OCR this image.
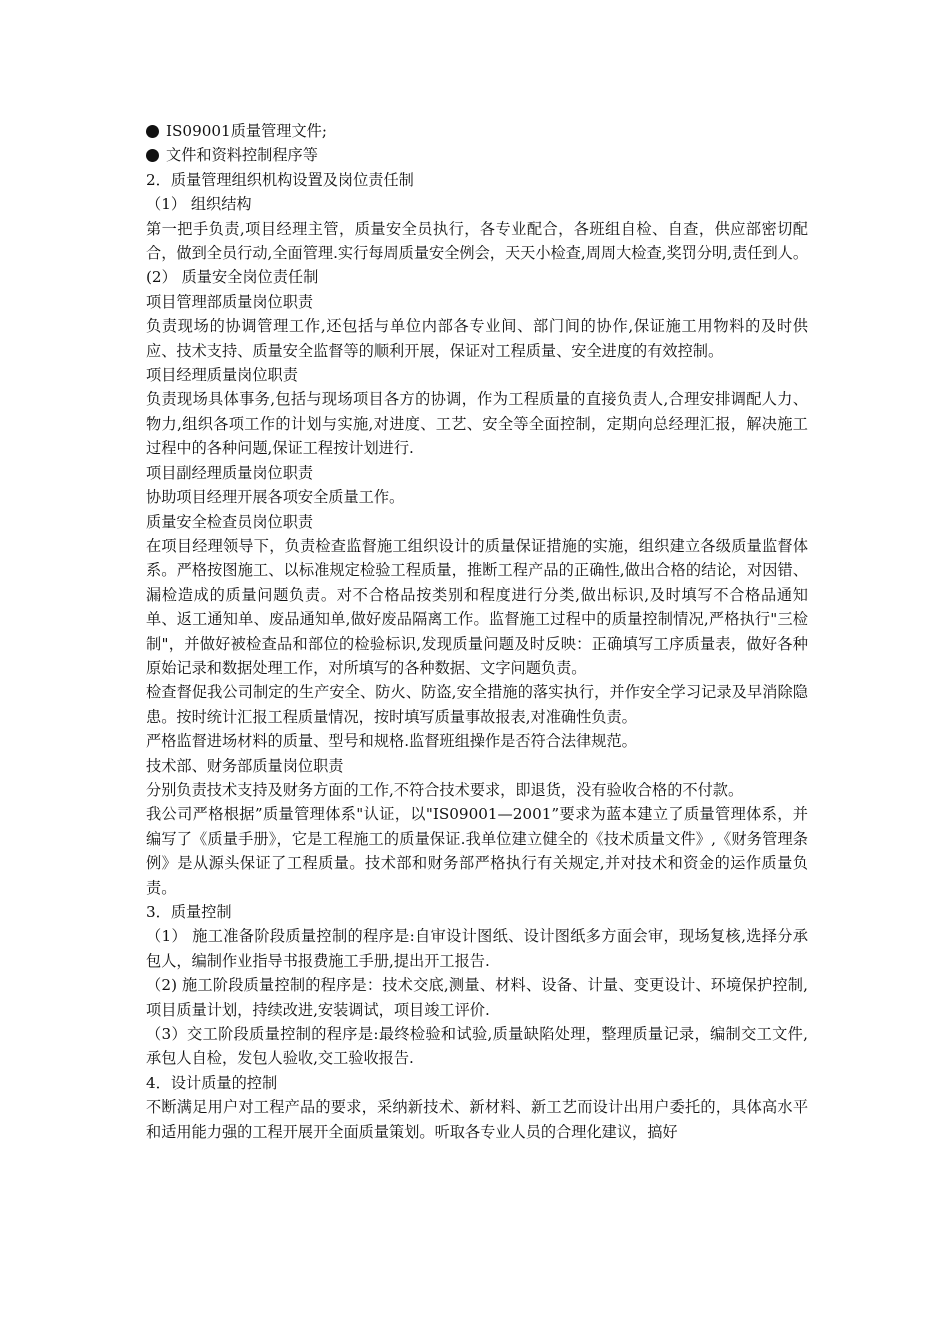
IS09001质量管理文件;
文件和资料控制程序等

2．质量管理组织机构设置及岗位责任制

（1） 组织结构

第一把手负责,项目经理主管，质量安全员执行，各专业配合，各班组自检、自查，供应部密切配合，做到全员行动,全面管理.实行每周质量安全例会，天天小检查,周周大检查,奖罚分明,责任到人。

(2） 质量安全岗位责任制

项目管理部质量岗位职责

负责现场的协调管理工作,还包括与单位内部各专业间、部门间的协作,保证施工用物料的及时供应、技术支持、质量安全监督等的顺利开展，保证对工程质量、安全进度的有效控制。

项目经理质量岗位职责

负责现场具体事务,包括与现场项目各方的协调，作为工程质量的直接负责人,合理安排调配人力、物力,组织各项工作的计划与实施,对进度、工艺、安全等全面控制，定期向总经理汇报，解决施工过程中的各种问题,保证工程按计划进行.

项目副经理质量岗位职责

协助项目经理开展各项安全质量工作。

质量安全检查员岗位职责

在项目经理领导下，负责检查监督施工组织设计的质量保证措施的实施，组织建立各级质量监督体系。严格按图施工、以标准规定检验工程质量，推断工程产品的正确性,做出合格的结论，对因错、漏检造成的质量问题负责。对不合格品按类别和程度进行分类,做出标识,及时填写不合格品通知单、返工通知单、废品通知单,做好废品隔离工作。监督施工过程中的质量控制情况,严格执行"三检制"，并做好被检查品和部位的检验标识,发现质量问题及时反映：正确填写工序质量表，做好各种原始记录和数据处理工作，对所填写的各种数据、文字问题负责。

检查督促我公司制定的生产安全、防火、防盗,安全措施的落实执行，并作安全学习记录及早消除隐患。按时统计汇报工程质量情况，按时填写质量事故报表,对准确性负责。

严格监督进场材料的质量、型号和规格.监督班组操作是否符合法律规范。

技术部、财务部质量岗位职责

分别负责技术支持及财务方面的工作,不符合技术要求，即退货，没有验收合格的不付款。

我公司严格根据”质量管理体系"认证，以"IS09001—2001”要求为蓝本建立了质量管理体系，并编写了《质量手册》，它是工程施工的质量保证.我单位建立健全的《技术质量文件》,《财务管理条例》是从源头保证了工程质量。技术部和财务部严格执行有关规定,并对技术和资金的运作质量负责。

3．质量控制

（1） 施工准备阶段质量控制的程序是:自审设计图纸、设计图纸多方面会审，现场复核,选择分承包人，编制作业指导书报费施工手册,提出开工报告.

（2) 施工阶段质量控制的程序是：技术交底,测量、材料、设备、计量、变更设计、环境保护控制,项目质量计划，持续改进,安装调试，项目竣工评价.

（3）交工阶段质量控制的程序是:最终检验和试验,质量缺陷处理，整理质量记录，编制交工文件,承包人自检，发包人验收,交工验收报告.

4．设计质量的控制

不断满足用户对工程产品的要求，采纳新技术、新材料、新工艺而设计出用户委托的，具体高水平和适用能力强的工程开展开全面质量策划。听取各专业人员的合理化建议，搞好
